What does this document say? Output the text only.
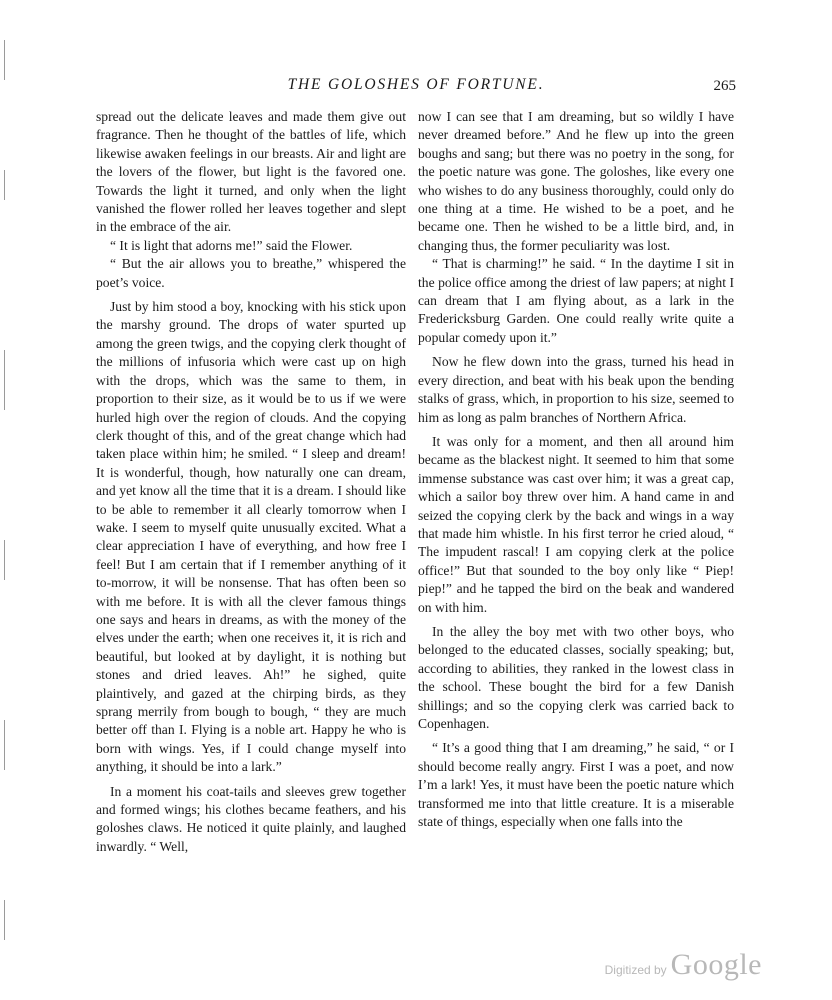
THE GOLOSHES OF FORTUNE.	265

spread out the delicate leaves and made them give out fragrance. Then he thought of the battles of life, which likewise awaken feelings in our breasts. Air and light are the lovers of the flower, but light is the favored one. Towards the light it turned, and only when the light vanished the flower rolled her leaves together and slept in the embrace of the air.

“ It is light that adorns me!” said the Flower.

“ But the air allows you to breathe,” whispered the poet’s voice.

Just by him stood a boy, knocking with his stick upon the marshy ground. The drops of water spurted up among the green twigs, and the copying clerk thought of the millions of infusoria which were cast up on high with the drops, which was the same to them, in proportion to their size, as it would be to us if we were hurled high over the region of clouds. And the copying clerk thought of this, and of the great change which had taken place within him; he smiled. “ I sleep and dream! It is wonderful, though, how naturally one can dream, and yet know all the time that it is a dream. I should like to be able to remember it all clearly tomorrow when I wake. I seem to myself quite unusually excited. What a clear appreciation I have of everything, and how free I feel! But I am certain that if I remember anything of it to-morrow, it will be nonsense. That has often been so with me before. It is with all the clever famous things one says and hears in dreams, as with the money of the elves under the earth; when one receives it, it is rich and beautiful, but looked at by daylight, it is nothing but stones and dried leaves. Ah!” he sighed, quite plaintively, and gazed at the chirping birds, as they sprang merrily from bough to bough, “ they are much better off than I. Flying is a noble art. Happy he who is born with wings. Yes, if I could change myself into anything, it should be into a lark.”

In a moment his coat-tails and sleeves grew together and formed wings; his clothes became feathers, and his goloshes claws. He noticed it quite plainly, and laughed inwardly. “ Well,

now I can see that I am dreaming, but so wildly I have never dreamed before.” And he flew up into the green boughs and sang; but there was no poetry in the song, for the poetic nature was gone. The goloshes, like every one who wishes to do any business thoroughly, could only do one thing at a time. He wished to be a poet, and he became one. Then he wished to be a little bird, and, in changing thus, the former peculiarity was lost.

“ That is charming!” he said. “ In the daytime I sit in the police office among the driest of law papers; at night I can dream that I am flying about, as a lark in the Fredericksburg Garden. One could really write quite a popular comedy upon it.”

Now he flew down into the grass, turned his head in every direction, and beat with his beak upon the bending stalks of grass, which, in proportion to his size, seemed to him as long as palm branches of Northern Africa.

It was only for a moment, and then all around him became as the blackest night. It seemed to him that some immense substance was cast over him; it was a great cap, which a sailor boy threw over him. A hand came in and seized the copying clerk by the back and wings in a way that made him whistle. In his first terror he cried aloud, “ The impudent rascal! I am copying clerk at the police office!” But that sounded to the boy only like “ Piep! piep!” and he tapped the bird on the beak and wandered on with him.

In the alley the boy met with two other boys, who belonged to the educated classes, socially speaking; but, according to abilities, they ranked in the lowest class in the school. These bought the bird for a few Danish shillings; and so the copying clerk was carried back to Copenhagen.

“ It’s a good thing that I am dreaming,” he said, “ or I should become really angry. First I was a poet, and now I’m a lark! Yes, it must have been the poetic nature which transformed me into that little creature. It is a miserable state of things, especially when one falls into the

Digitized by Google
